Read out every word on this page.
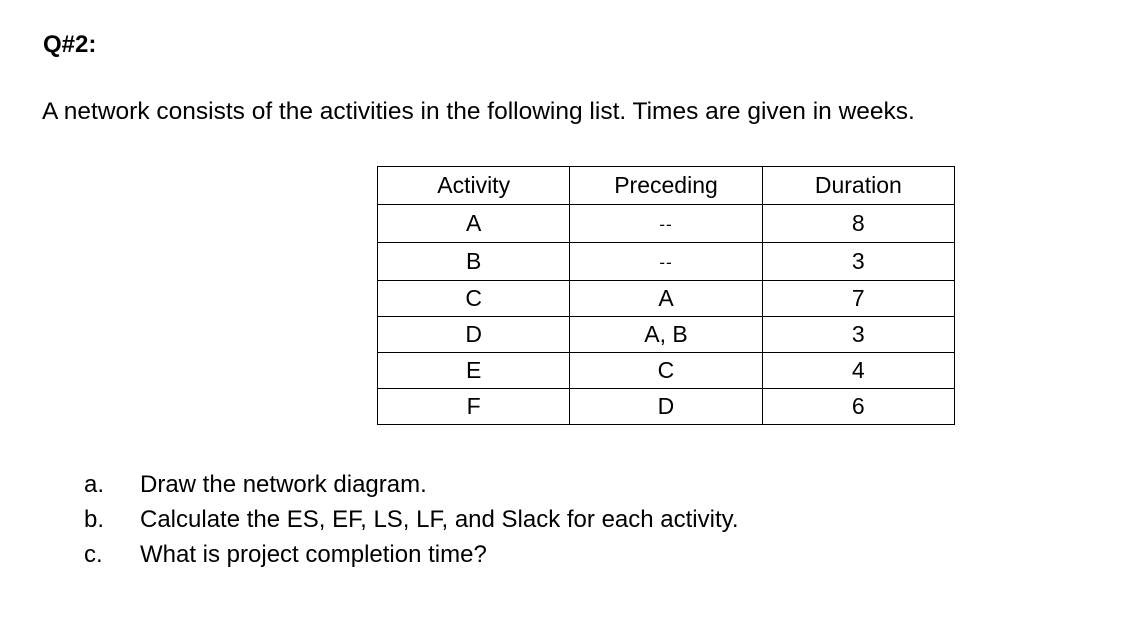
Q#2:

A network consists of the activities in the following list. Times are given in weeks.

Activity	Preceding	Duration
A	--	8
B	--	3
C	A	7
D	A, B	3
E	C	4
F	D	6
a. Draw the network diagram.
b. Calculate the ES, EF, LS, LF, and Slack for each activity.
c. What is project completion time?
